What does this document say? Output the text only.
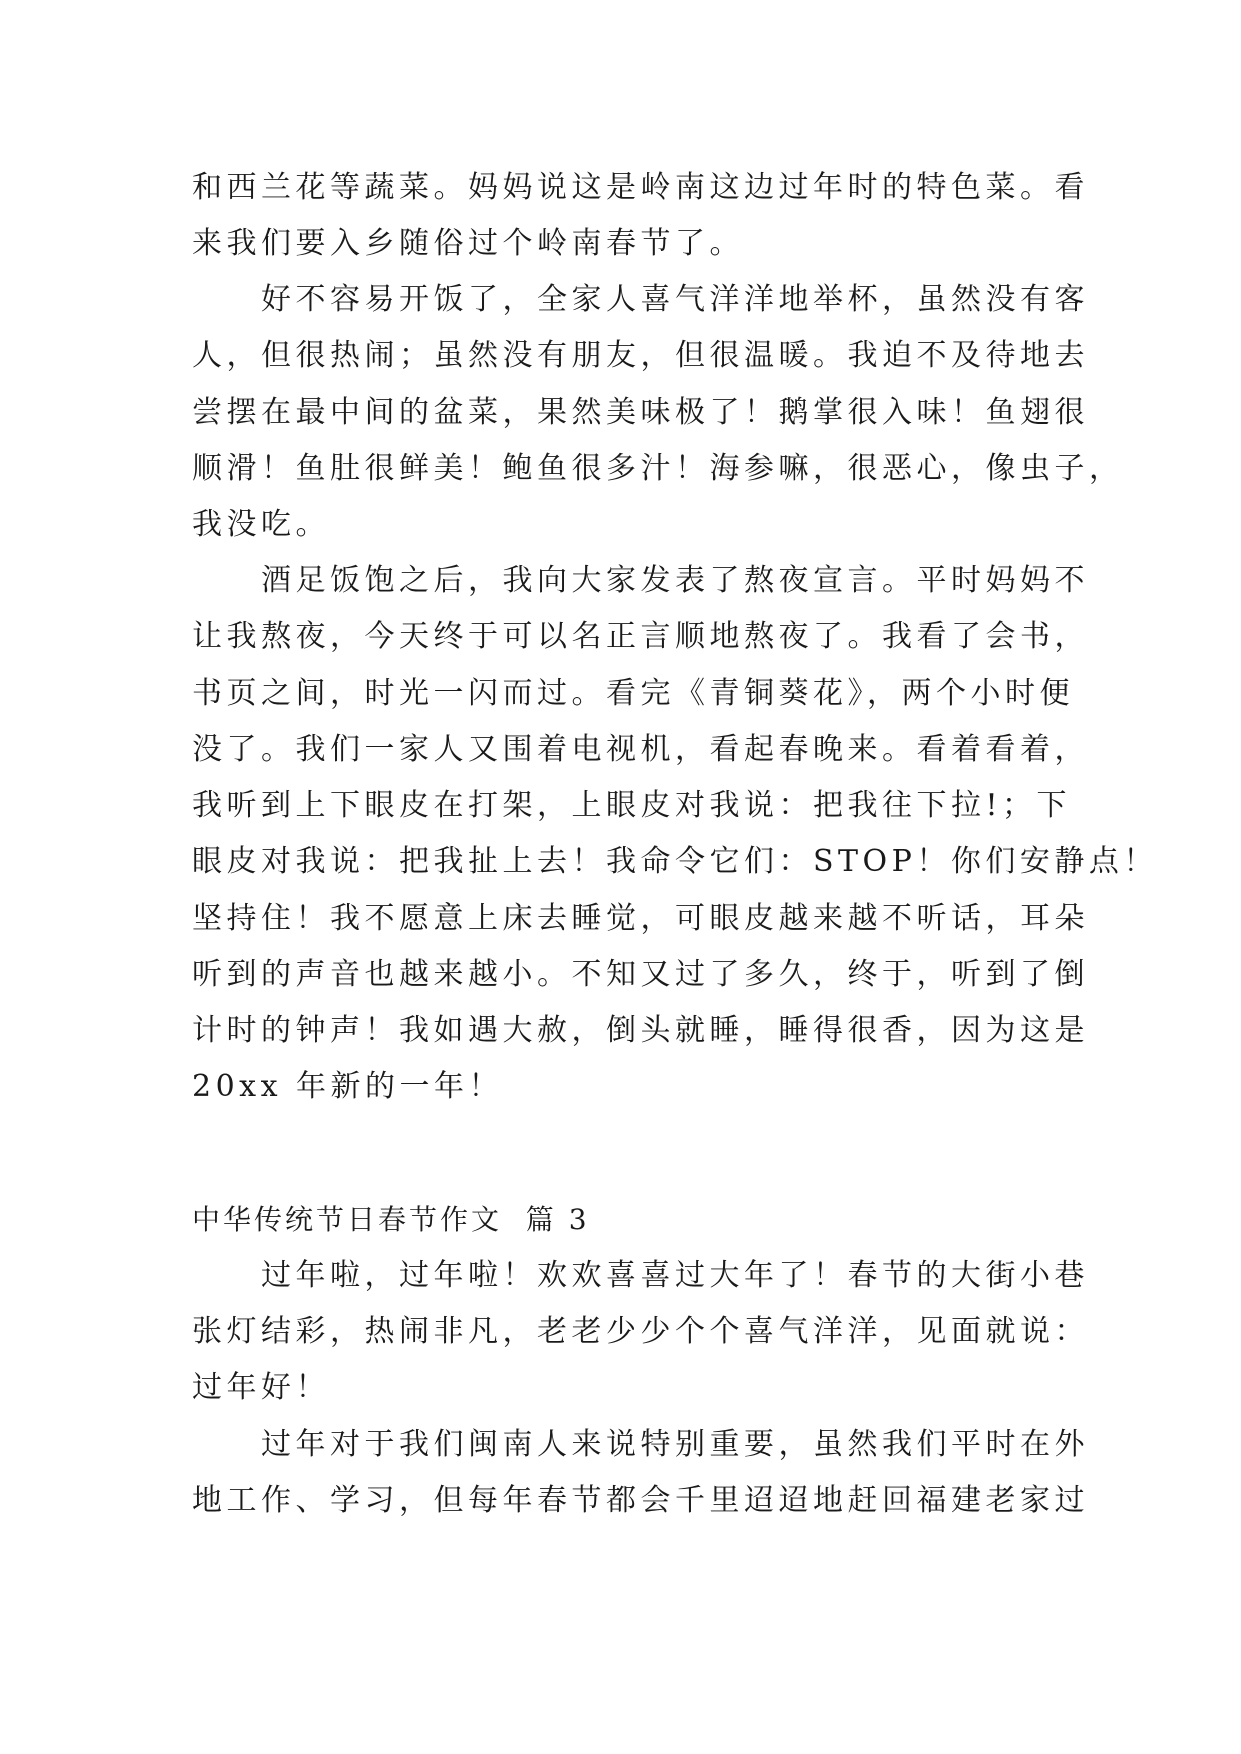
和西兰花等蔬菜。妈妈说这是岭南这边过年时的特色菜。看
来我们要入乡随俗过个岭南春节了。
　　好不容易开饭了，全家人喜气洋洋地举杯，虽然没有客
人，但很热闹；虽然没有朋友，但很温暖。我迫不及待地去
尝摆在最中间的盆菜，果然美味极了！鹅掌很入味！鱼翅很
顺滑！鱼肚很鲜美！鲍鱼很多汁！海参嘛，很恶心，像虫子，
我没吃。
　　酒足饭饱之后，我向大家发表了熬夜宣言。平时妈妈不
让我熬夜，今天终于可以名正言顺地熬夜了。我看了会书，
书页之间，时光一闪而过。看完《青铜葵花》，两个小时便
没了。我们一家人又围着电视机，看起春晚来。看着看着，
我听到上下眼皮在打架，上眼皮对我说：把我往下拉!；下
眼皮对我说：把我扯上去！我命令它们：STOP！你们安静点！
坚持住！我不愿意上床去睡觉，可眼皮越来越不听话，耳朵
听到的声音也越来越小。不知又过了多久，终于，听到了倒
计时的钟声！我如遇大赦，倒头就睡，睡得很香，因为这是
20xx 年新的一年！
中华传统节日春节作文  篇 3
　　过年啦，过年啦！欢欢喜喜过大年了！春节的大街小巷
张灯结彩，热闹非凡，老老少少个个喜气洋洋，见面就说：
过年好！
　　过年对于我们闽南人来说特别重要，虽然我们平时在外
地工作、学习，但每年春节都会千里迢迢地赶回福建老家过
